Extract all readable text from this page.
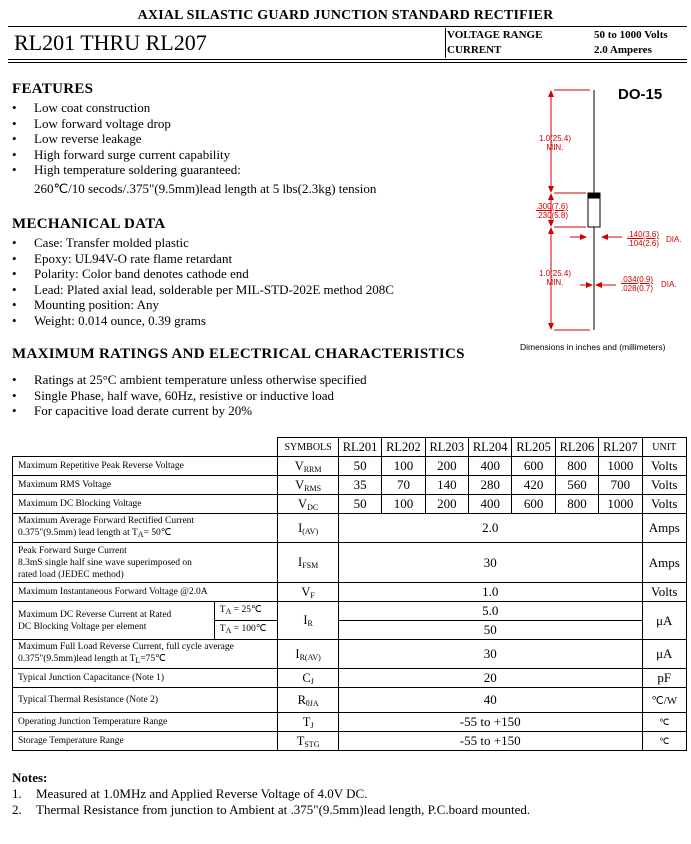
AXIAL SILASTIC GUARD JUNCTION STANDARD RECTIFIER
RL201 THRU RL207	VOLTAGE RANGE	50 to 1000 Volts
CURRENT	2.0 Amperes
FEATURES
• Low coat construction
• Low forward voltage drop
• Low reverse leakage
• High forward surge current capability
• High temperature soldering guaranteed:
260℃/10 secods/.375"(9.5mm)lead length at 5 lbs(2.3kg) tension
MECHANICAL DATA
• Case: Transfer molded plastic
• Epoxy: UL94V-O rate flame retardant
• Polarity: Color band denotes cathode end
• Lead: Plated axial lead, solderable per MIL-STD-202E method 208C
• Mounting position: Any
• Weight: 0.014 ounce, 0.39 grams
MAXIMUM RATINGS AND ELECTRICAL CHARACTERISTICS
• Ratings at 25°C ambient temperature unless otherwise specified
• Single Phase, half wave, 60Hz, resistive or inductive load
• For capacitive load derate current by 20%
DO-15
1.0(25.4)
MIN.
.300(7.6)
.230(5.8)
.140(3.6)
.104(2.6) DIA.
1.0(25.4)
MIN.	.034(0.9)
.028(0.7) DIA.
Dimensions in inches and (millimeters)
		SYMBOLS	RL201	RL202	RL203	RL204	RL205	RL206	RL207	UNIT
Maximum Repetitive Peak Reverse Voltage		$V_{RRM}$	50	100	200	400	600	800	1000	Volts
Maximum RMS Voltage		$V_{RMS}$	35	70	140	280	420	560	700	Volts
Maximum DC Blocking Voltage		$V_{DC}$	50	100	200	400	600	800	1000	Volts

Maximum Average Forward Rectified Current
0.375"(9.5mm) lead length at $T_A=$ 50℃		$I_{(AV)}$	2.0							Amps

Peak Forward Surge Current
8.3mS single half sine wave superimposed on
rated load (JEDEC method)		$I_{FSM}$	30							Amps
Maximum Instantaneous Forward Voltage @2.0A		$V_F$	1.0							Volts

Maximum DC Reverse Current at Rated
DC Blocking Voltage per element	$T_A$ = 25℃	$I_R$	5.0							μA
	$T_A$ = 100℃		50							

Maximum Full Load Reverse Current, full cycle average
0.375"(9.5mm)lead length at $T_L=75℃$		$I_{R(AV)}$	30							μA
Typical Junction Capacitance (Note 1)		$C_J$	20							pF
Typical Thermal Resistance (Note 2)		$R_{\theta JA}$	40							℃/W
Operating Junction Temperature Range		$T_J$	-55 to +150							℃
Storage Temperature Range		$T_{STG}$	-55 to +150							℃
Notes:
1. Measured at 1.0MHz and Applied Reverse Voltage of 4.0V DC.
2. Thermal Resistance from junction to Ambient at .375"(9.5mm)lead length, P.C.board mounted.
